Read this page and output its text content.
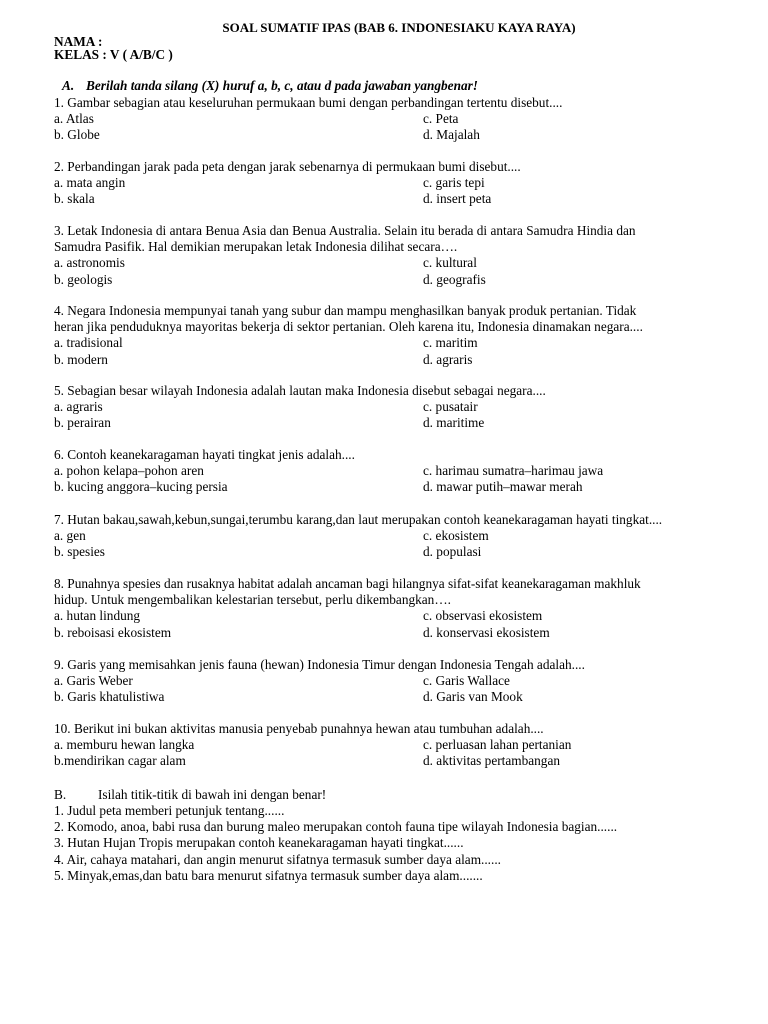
SOAL SUMATIF IPAS (BAB 6. INDONESIAKU KAYA RAYA)
NAMA :
KELAS : V ( A/B/C )
A. Berilah tanda silang (X) huruf a, b, c, atau d pada jawaban yangbenar!

1. Gambar sebagian atau keseluruhan permukaan bumi dengan perbandingan tertentu disebut....

a. Atlas	c. Peta
b. Globe	d. Majalah

2. Perbandingan jarak pada peta dengan jarak sebenarnya di permukaan bumi disebut....

a. mata angin	c. garis tepi
b. skala	d. insert peta

3. Letak Indonesia di antara Benua Asia dan Benua Australia. Selain itu berada di antara Samudra Hindia dan

Samudra Pasifik. Hal demikian merupakan letak Indonesia dilihat secara….

a. astronomis	c. kultural
b. geologis	d. geografis

4. Negara Indonesia mempunyai tanah yang subur dan mampu menghasilkan banyak produk pertanian. Tidak

heran jika penduduknya mayoritas bekerja di sektor pertanian. Oleh karena itu, Indonesia dinamakan negara....

a. tradisional	c. maritim
b. modern	d. agraris

5. Sebagian besar wilayah Indonesia adalah lautan maka Indonesia disebut sebagai negara....

a. agraris	c. pusatair
b. perairan	d. maritime

6. Contoh keanekaragaman hayati tingkat jenis adalah....

a. pohon kelapa–pohon aren	c. harimau sumatra–harimau jawa
b. kucing anggora–kucing persia	d. mawar putih–mawar merah

7. Hutan bakau,sawah,kebun,sungai,terumbu karang,dan laut merupakan contoh keanekaragaman hayati tingkat....

a. gen	c. ekosistem
b. spesies	d. populasi

8. Punahnya spesies dan rusaknya habitat adalah ancaman bagi hilangnya sifat-sifat keanekaragaman makhluk

hidup. Untuk mengembalikan kelestarian tersebut, perlu dikembangkan….

a. hutan lindung	c. observasi ekosistem
b. reboisasi ekosistem	d. konservasi ekosistem

9. Garis yang memisahkan jenis fauna (hewan) Indonesia Timur dengan Indonesia Tengah adalah....

a. Garis Weber	c. Garis Wallace
b. Garis khatulistiwa	d. Garis van Mook

10. Berikut ini bukan aktivitas manusia penyebab punahnya hewan atau tumbuhan adalah....

a. memburu hewan langka	c. perluasan lahan pertanian
b.mendirikan cagar alam	d. aktivitas pertambangan
B. Isilah titik-titik di bawah ini dengan benar!

1. Judul peta memberi petunjuk tentang......

2. Komodo, anoa, babi rusa dan burung maleo merupakan contoh fauna tipe wilayah Indonesia bagian......

3. Hutan Hujan Tropis merupakan contoh keanekaragaman hayati tingkat......

4. Air, cahaya matahari, dan angin menurut sifatnya termasuk sumber daya alam......

5. Minyak,emas,dan batu bara menurut sifatnya termasuk sumber daya alam.......
